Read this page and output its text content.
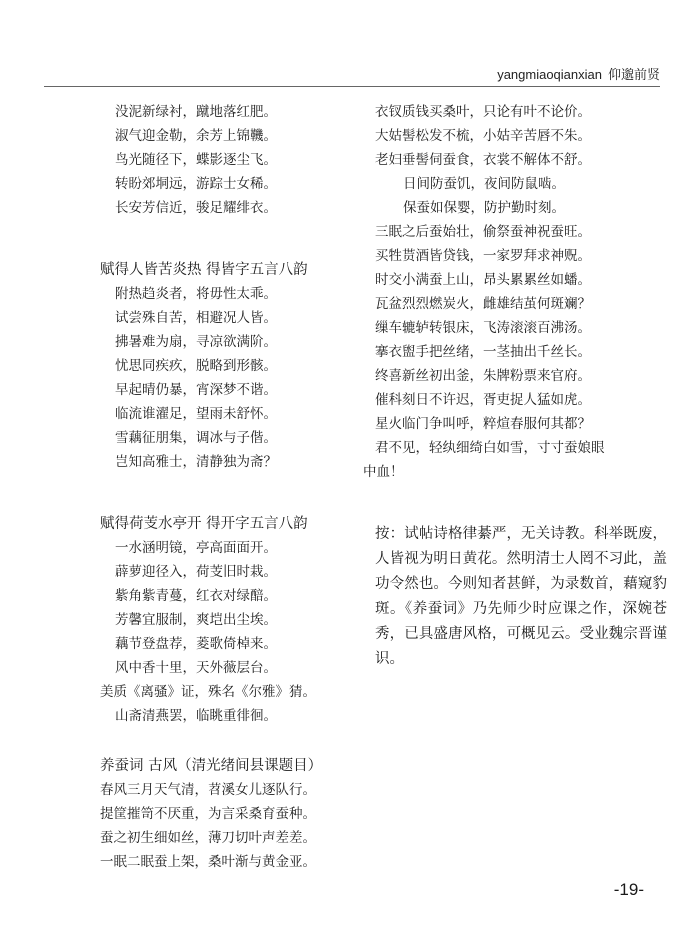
yangmiaoqianxian 仰邈前贤

没泥新绿衬，蹴地落红肥。

淑气迎金勒，余芳上锦鞿。

鸟光随径下，蝶影逐尘飞。

转盼郊垌远，游踪士女稀。

长安芳信近，骏足耀绯衣。

赋得人皆苦炎热 得皆字五言八韵

附热趋炎者，将毋性太乖。

试尝殊自苦，相避况人皆。

拂暑难为扇，寻凉欲满阶。

忧思同疾疚，脱略到形骸。

早起晴仍暴，宵深梦不谐。

临流谁濯足，望雨未舒怀。

雪藕征朋集，调冰与子偕。

岂知高雅士，清静独为斋？

赋得荷芰水亭开 得开字五言八韵

一水涵明镜，亭高面面开。

薜萝迎径入，荷芰旧时栽。

紫角紫青蔓，红衣对绿醅。

芳馨宜服制，爽垲出尘埃。

藕节登盘荐，菱歌倚棹来。

风中香十里，天外薇层台。

美质《离骚》证，殊名《尔雅》猜。

山斋清燕罢，临眺重徘徊。

养蚕词 古风（清光绪间县课题目）

春风三月天气清，苕溪女儿逐队行。

提筐摧笥不厌重，为言采桑育蚕种。

蚕之初生细如丝，薄刀切叶声差差。

一眠二眠蚕上架，桑叶渐与黄金亚。

衣钗质钱买桑叶，只论有叶不论价。

大姑髻松发不梳，小姑辛苦唇不朱。

老妇垂髻伺蚕食，衣裳不解体不舒。

日间防蚕饥，夜间防鼠啮。

保蚕如保婴，防护勤时刻。

三眠之后蚕始壮，偷祭蚕神祝蚕旺。

买牲贳酒皆贷钱，一家罗拜求神贶。

时交小满蚕上山，昂头累累丝如蟠。

瓦盆烈烈燃炭火，雌雄结茧何斑斓？

缫车辘轳转银床，飞涛滚滚百沸汤。

搴衣盥手把丝绪，一茎抽出千丝长。

终喜新丝初出釜，朱牌粉票来官府。

催科刻日不许迟，胥吏捉人猛如虎。

星火临门争叫呼，粹煊春服何其都？

君不见，轻纨细绮白如雪，寸寸蚕娘眼

中血！

按：试帖诗格律綦严，无关诗教。科举既废，人皆视为明日黄花。然明清士人罔不习此，盖功令然也。今则知者甚鲜，为录数首，藉窥豹斑。《养蚕词》乃先师少时应课之作，深婉苍秀，已具盛唐风格，可概见云。受业魏宗晋谨识。

-19-
